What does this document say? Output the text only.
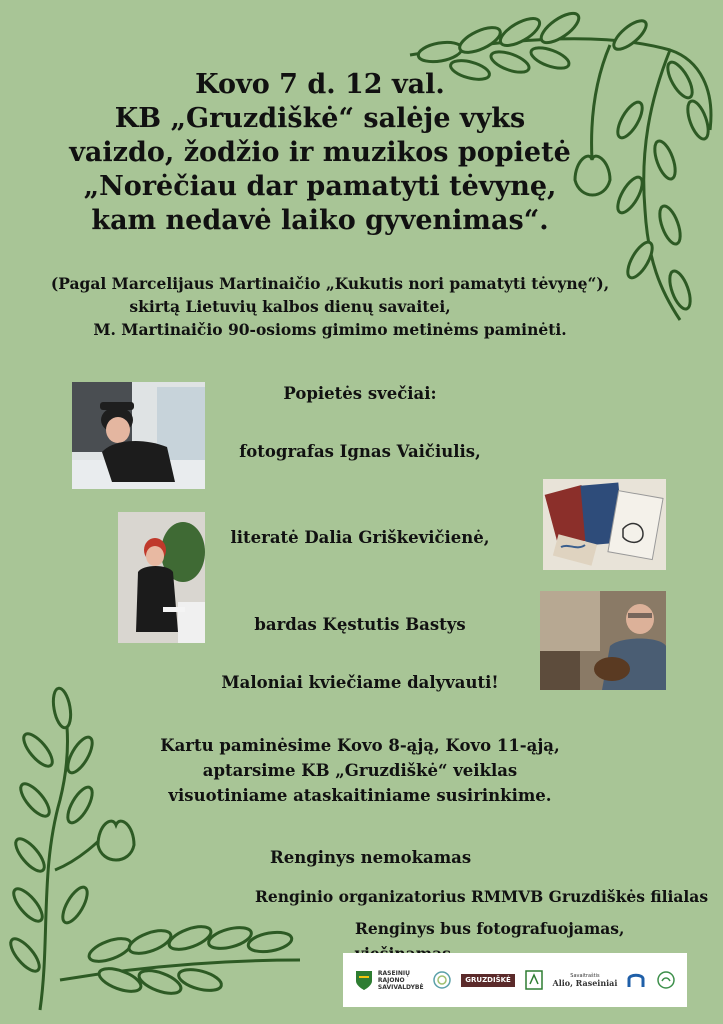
Kovo 7 d. 12 val.
KB „Gruzdiškė“ salėje vyks
vaizdo, žodžio ir muzikos popietė
„Norėčiau dar pamatyti tėvynę,
kam nedavė laiko gyvenimas“.
(Pagal Marcelijaus Martinaičio „Kukutis nori pamatyti tėvynę“),
skirtą Lietuvių kalbos dienų savaitei,
M. Martinaičio 90-osioms gimimo metinėms paminėti.
Popietės svečiai:
fotografas Ignas Vaičiulis,
literatė Dalia Griškevičienė,
bardas Kęstutis Bastys
Maloniai kviečiame dalyvauti!
Kartu paminėsime Kovo 8-ąją, Kovo 11-ąją,
aptarsime KB „Gruzdiškė“ veiklas
visuotiniame ataskaitiniame susirinkime.
Renginys nemokamas
Renginio organizatorius RMMVB Gruzdiškės filialas
Renginys bus fotografuojamas,
RASEINIŲ
RAJONO
SAVIVALDYBĖ
GRUZDIŠKĖ	Savaitraštis
Alio, Raseiniai
